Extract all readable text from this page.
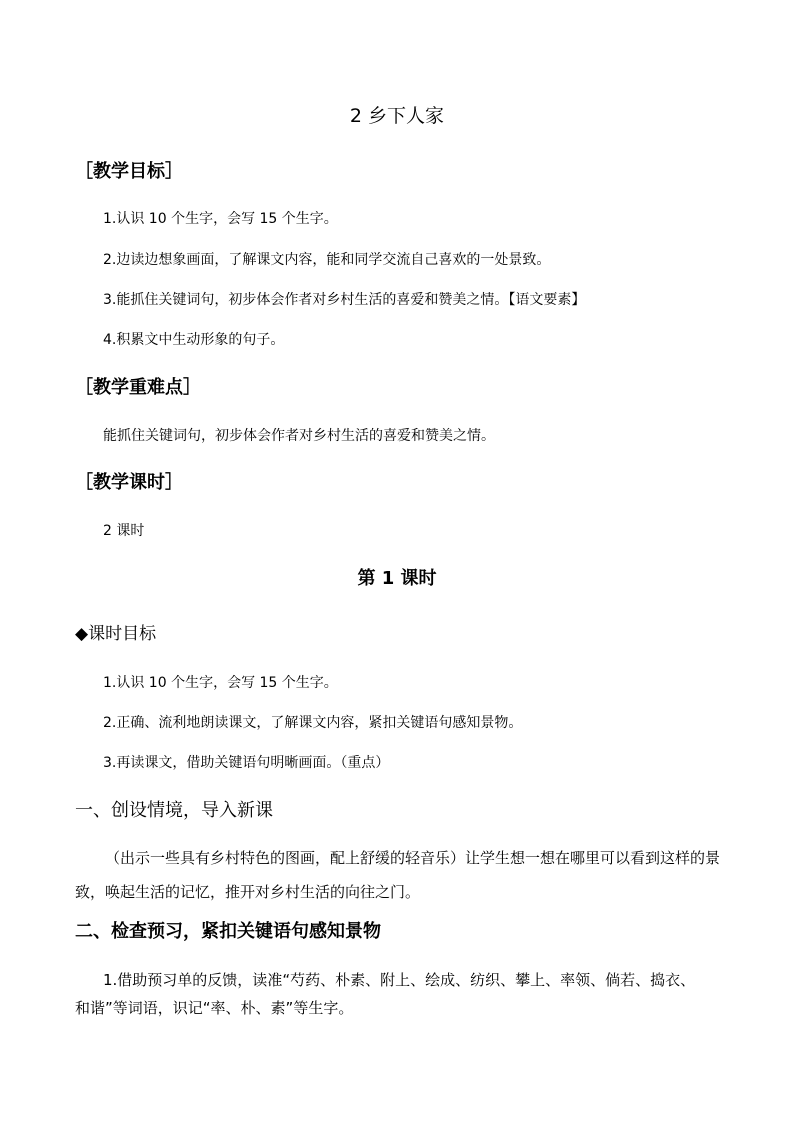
2 乡下人家
［教学目标］
1.认识 10 个生字，会写 15 个生字。
2.边读边想象画面，了解课文内容，能和同学交流自己喜欢的一处景致。
3.能抓住关键词句，初步体会作者对乡村生活的喜爱和赞美之情。【语文要素】
4.积累文中生动形象的句子。
［教学重难点］
能抓住关键词句，初步体会作者对乡村生活的喜爱和赞美之情。
［教学课时］
2 课时
第 1 课时
◆课时目标
1.认识 10 个生字，会写 15 个生字。
2.正确、流利地朗读课文，了解课文内容，紧扣关键语句感知景物。
3.再读课文，借助关键语句明晰画面。（重点）
一、创设情境，导入新课
（出示一些具有乡村特色的图画，配上舒缓的轻音乐）让学生想一想在哪里可以看到这样的景致，唤起生活的记忆，推开对乡村生活的向往之门。
二、检查预习，紧扣关键语句感知景物
1.借助预习单的反馈，读准“芍药、朴素、附上、绘成、纺织、攀上、率领、倘若、捣衣、
和谐”等词语，识记“率、朴、素”等生字。
